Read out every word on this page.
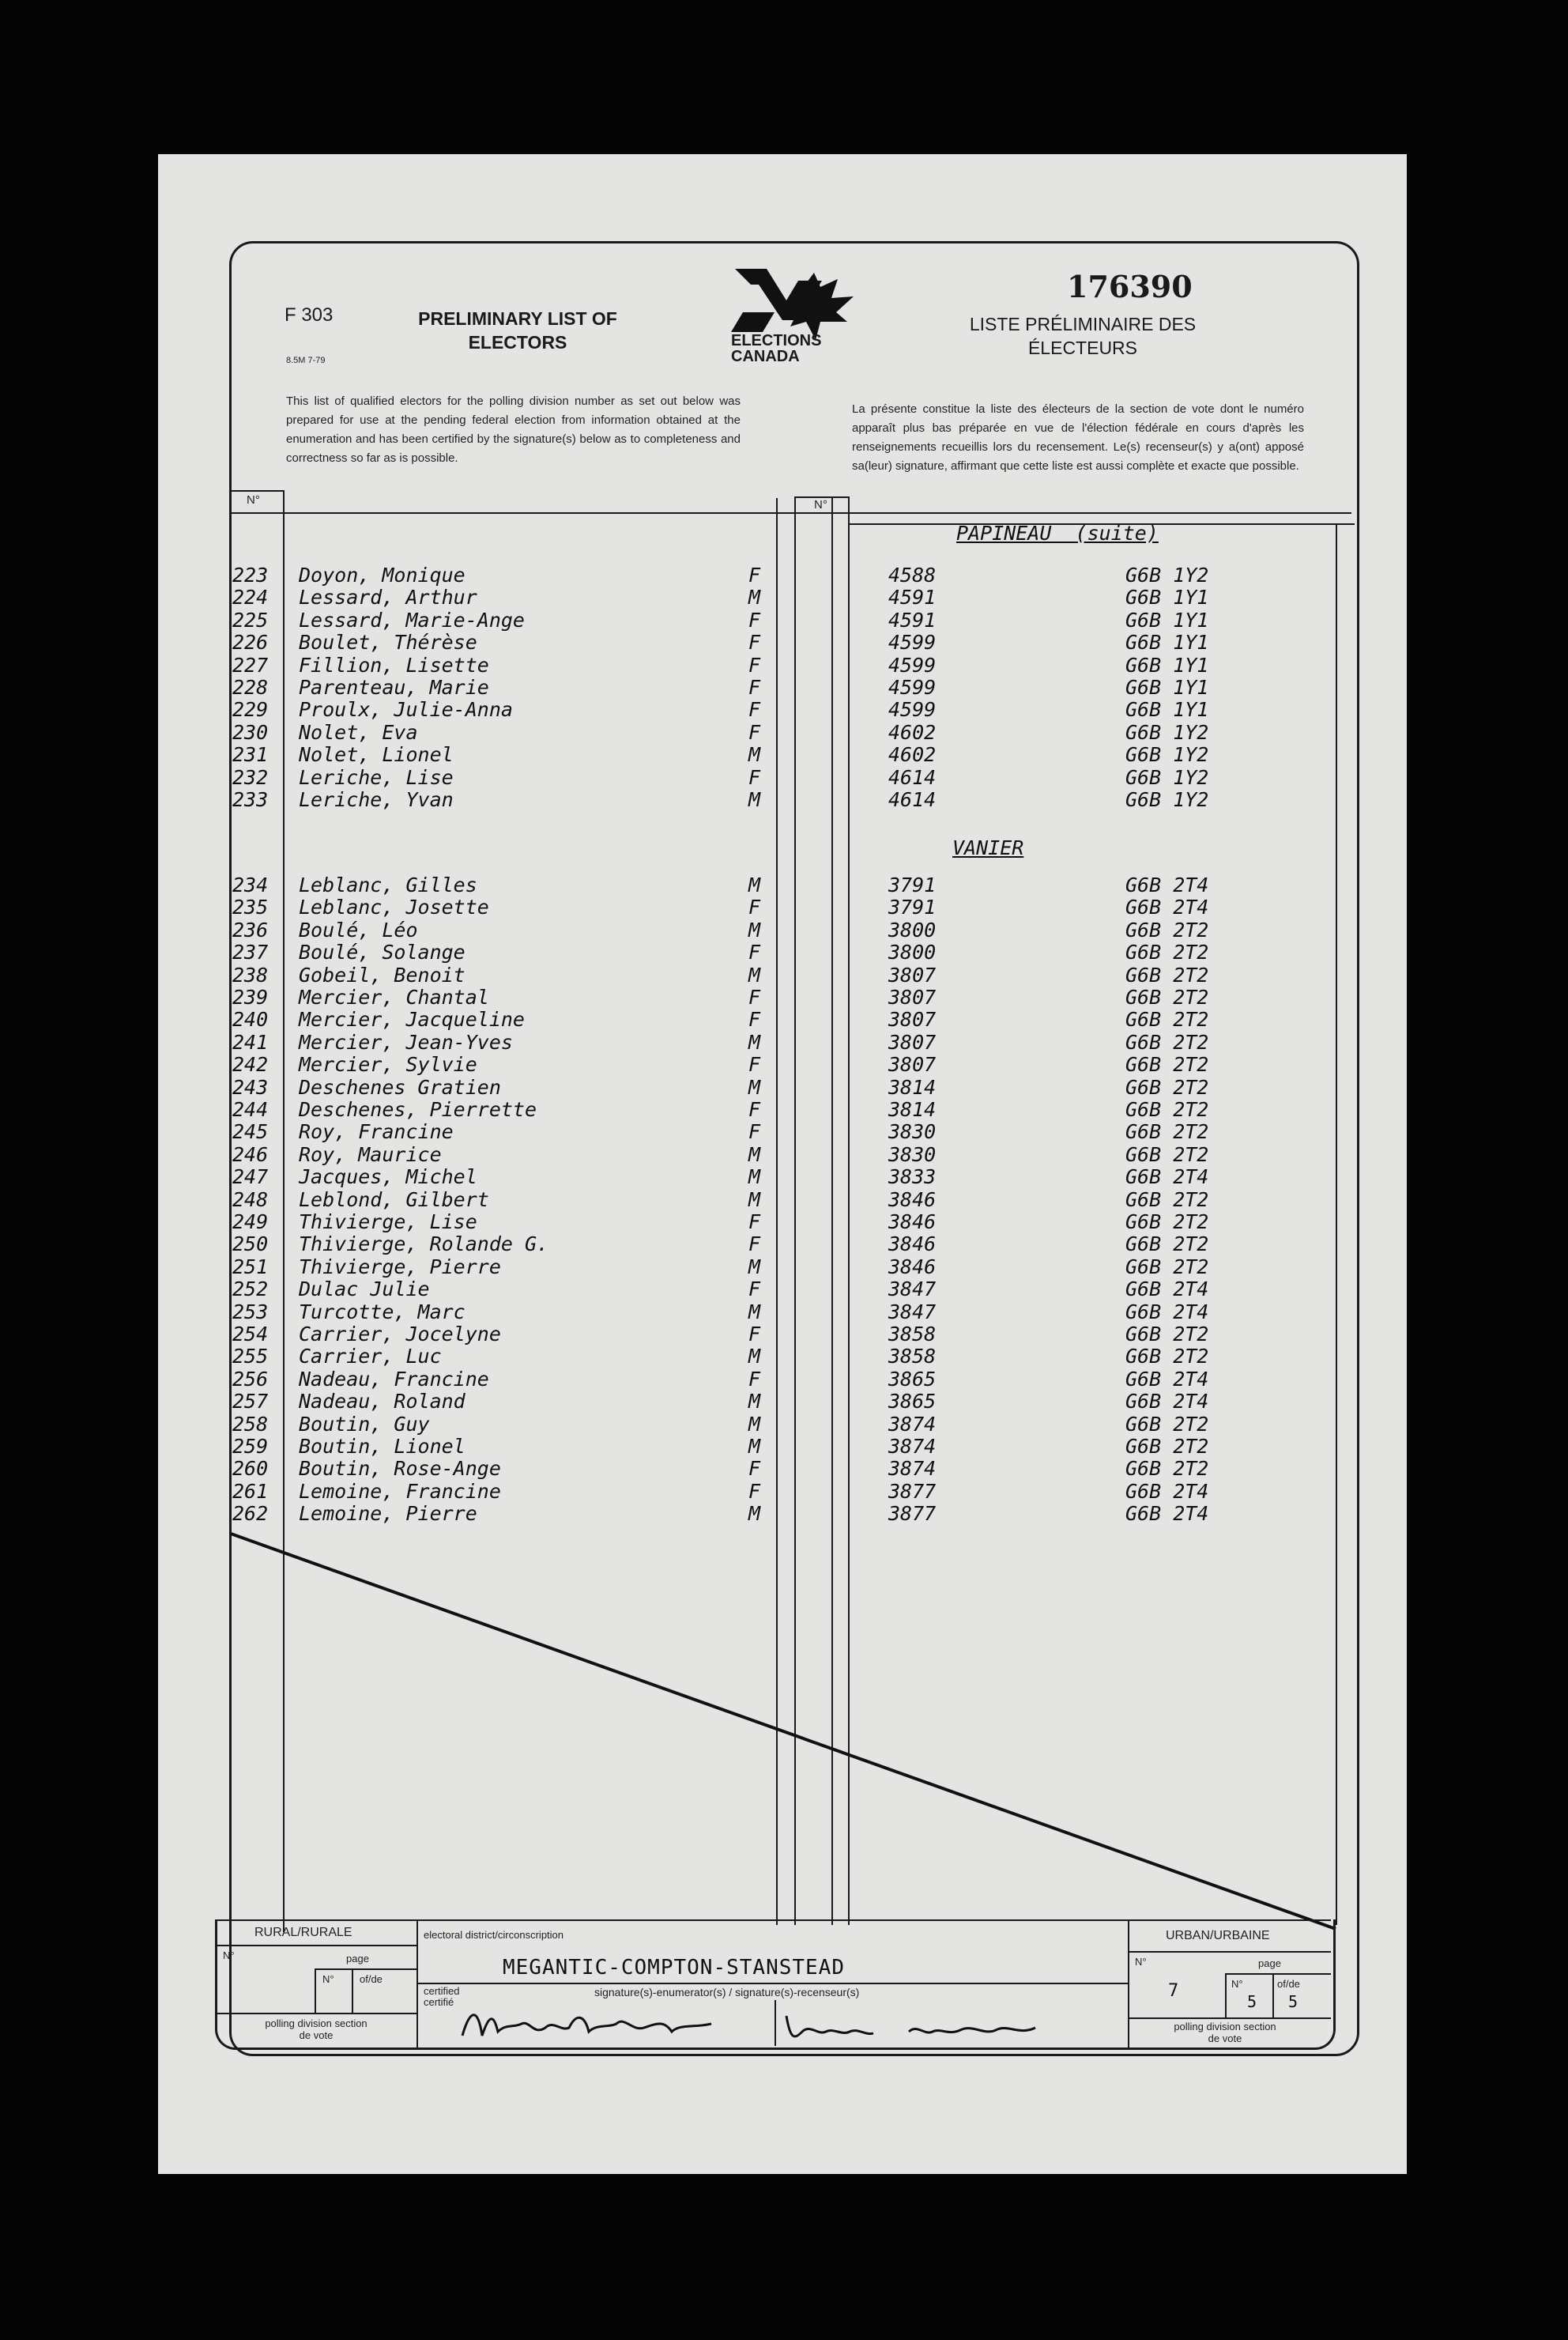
F 303
8.5M 7-79
PRELIMINARY LIST OF ELECTORS	ELECTIONS CANADA
176390
LISTE PRÉLIMINAIRE DES ÉLECTEURS
This list of qualified electors for the polling division number as set out below was prepared for use at the pending federal election from information obtained at the enumeration and has been certified by the signature(s) below as to completeness and correctness so far as is possible.
La présente constitue la liste des électeurs de la section de vote dont le numéro apparaît plus bas préparée en vue de l'élection fédérale en cours d'après les renseignements recueillis lors du recensement. Le(s) recenseur(s) y a(ont) apposé sa(leur) signature, affirmant que cette liste est aussi complète et exacte que possible.
N°	N°
PAPINEAU (suite)
VANIER
223 Doyon, Monique	F	4588	G6B 1Y2
224 Lessard, Arthur	M	4591	G6B 1Y1
225 Lessard, Marie-Ange	F	4591	G6B 1Y1
226 Boulet, Thérèse	F	4599	G6B 1Y1
227 Fillion, Lisette	F	4599	G6B 1Y1
228 Parenteau, Marie	F	4599	G6B 1Y1
229 Proulx, Julie-Anna	F	4599	G6B 1Y1
230 Nolet, Eva	F	4602	G6B 1Y2
231 Nolet, Lionel	M	4602	G6B 1Y2
232 Leriche, Lise	F	4614	G6B 1Y2
233 Leriche, Yvan	M	4614	G6B 1Y2
234 Leblanc, Gilles	M	3791	G6B 2T4
235 Leblanc, Josette	F	3791	G6B 2T4
236 Boulé, Léo	M	3800	G6B 2T2
237 Boulé, Solange	F	3800	G6B 2T2
238 Gobeil, Benoit	M	3807	G6B 2T2
239 Mercier, Chantal	F	3807	G6B 2T2
240 Mercier, Jacqueline	F	3807	G6B 2T2
241 Mercier, Jean-Yves	M	3807	G6B 2T2
242 Mercier, Sylvie	F	3807	G6B 2T2
243 Deschenes Gratien	M	3814	G6B 2T2
244 Deschenes, Pierrette	F	3814	G6B 2T2
245 Roy, Francine	F	3830	G6B 2T2
246 Roy, Maurice	M	3830	G6B 2T2
247 Jacques, Michel	M	3833	G6B 2T4
248 Leblond, Gilbert	M	3846	G6B 2T2
249 Thivierge, Lise	F	3846	G6B 2T2
250 Thivierge, Rolande G.	F	3846	G6B 2T2
251 Thivierge, Pierre	M	3846	G6B 2T2
252 Dulac Julie	F	3847	G6B 2T4
253 Turcotte, Marc	M	3847	G6B 2T4
254 Carrier, Jocelyne	F	3858	G6B 2T2
255 Carrier, Luc	M	3858	G6B 2T2
256 Nadeau, Francine	F	3865	G6B 2T4
257 Nadeau, Roland	M	3865	G6B 2T4
258 Boutin, Guy	M	3874	G6B 2T2
259 Boutin, Lionel	M	3874	G6B 2T2
260 Boutin, Rose-Ange	F	3874	G6B 2T2
261 Lemoine, Francine	F	3877	G6B 2T4
262 Lemoine, Pierre	M	3877	G6B 2T4
RURAL/RURALE
N°	page
N° of/de
polling division section de vote
electoral district/circonscription
MEGANTIC-COMPTON-STANSTEAD
certified certifié
signature(s)-enumerator(s) / signature(s)-recenseur(s)
URBAN/URBAINE
N°	page
N°	of/de
7
5 5
polling division section de vote
